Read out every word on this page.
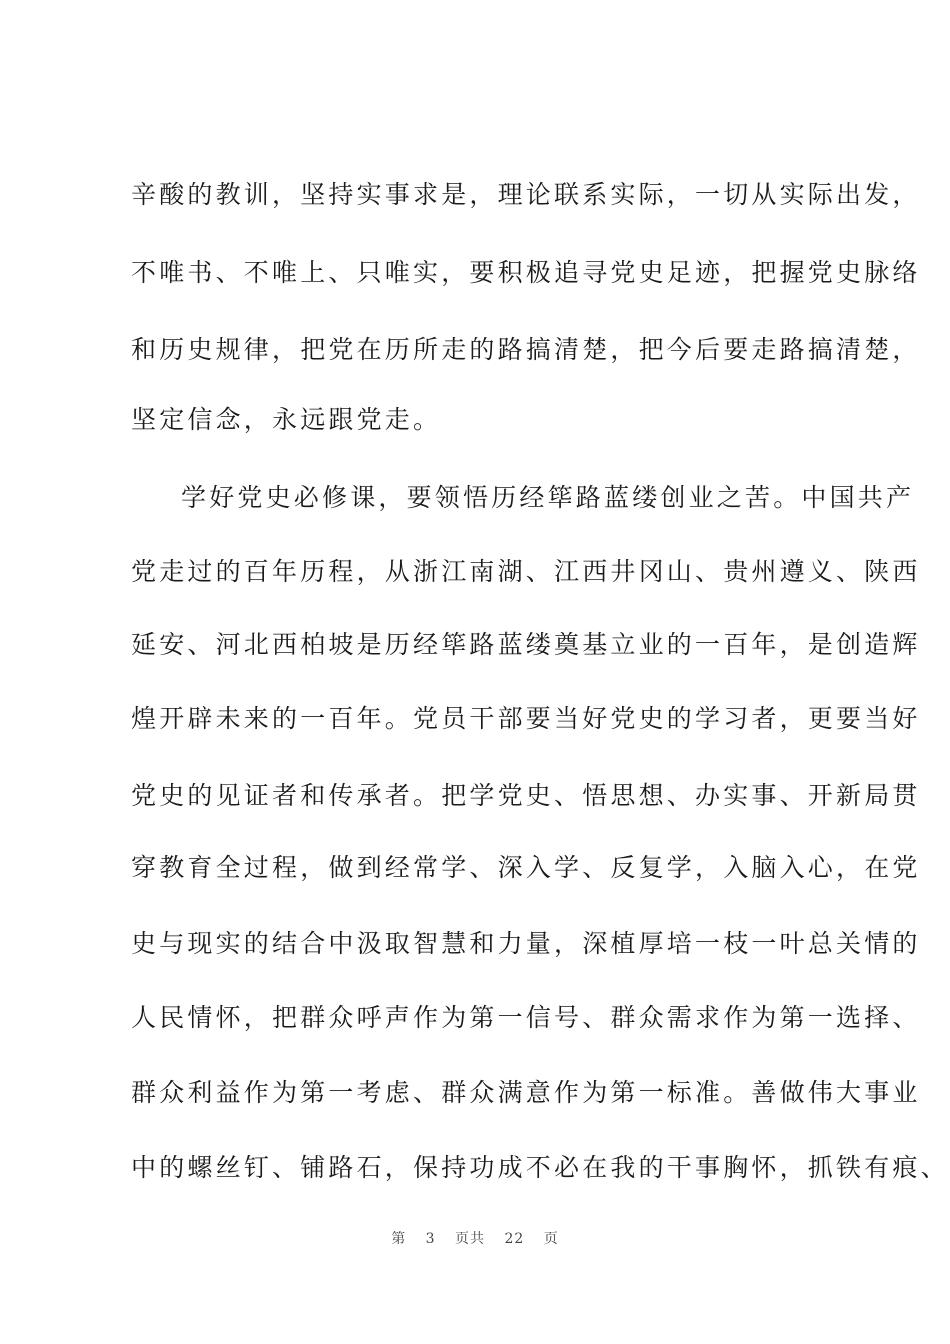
辛酸的教训，坚持实事求是，理论联系实际，一切从实际出发，
不唯书、不唯上、只唯实，要积极追寻党史足迹，把握党史脉络
和历史规律，把党在历所走的路搞清楚，把今后要走路搞清楚，
坚定信念，永远跟党走。
学好党史必修课，要领悟历经筚路蓝缕创业之苦。中国共产
党走过的百年历程，从浙江南湖、江西井冈山、贵州遵义、陕西
延安、河北西柏坡是历经筚路蓝缕奠基立业的一百年，是创造辉
煌开辟未来的一百年。党员干部要当好党史的学习者，更要当好
党史的见证者和传承者。把学党史、悟思想、办实事、开新局贯
穿教育全过程，做到经常学、深入学、反复学，入脑入心，在党
史与现实的结合中汲取智慧和力量，深植厚培一枝一叶总关情的
人民情怀，把群众呼声作为第一信号、群众需求作为第一选择、
群众利益作为第一考虑、群众满意作为第一标准。善做伟大事业
中的螺丝钉、铺路石，保持功成不必在我的干事胸怀，抓铁有痕、
第 3 页共 22 页
